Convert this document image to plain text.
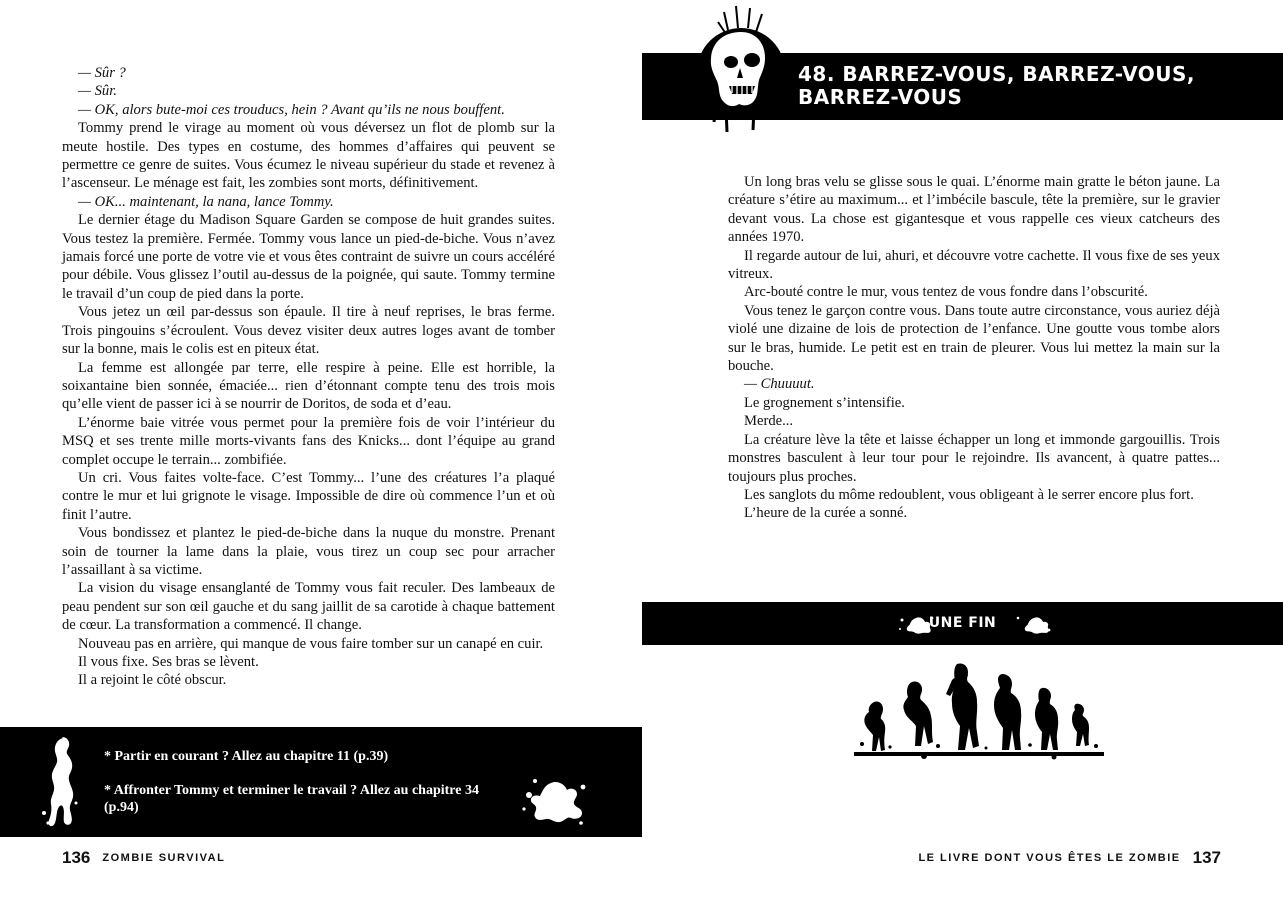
— Sûr ?

— Sûr.

— OK, alors bute-moi ces trouducs, hein ? Avant qu’ils ne nous bouffent.

Tommy prend le virage au moment où vous déversez un flot de plomb sur la meute hostile. Des types en costume, des hommes d’affaires qui peuvent se permettre ce genre de suites. Vous écumez le niveau supérieur du stade et revenez à l’ascenseur. Le ménage est fait, les zombies sont morts, définitivement.

— OK... maintenant, la nana, lance Tommy.

Le dernier étage du Madison Square Garden se compose de huit grandes suites. Vous testez la première. Fermée. Tommy vous lance un pied-de-biche. Vous n’avez jamais forcé une porte de votre vie et vous êtes contraint de suivre un cours accéléré pour débile. Vous glissez l’outil au-dessus de la poignée, qui saute. Tommy termine le travail d’un coup de pied dans la porte.

Vous jetez un œil par-dessus son épaule. Il tire à neuf reprises, le bras ferme. Trois pingouins s’écroulent. Vous devez visiter deux autres loges avant de tomber sur la bonne, mais le colis est en piteux état.

La femme est allongée par terre, elle respire à peine. Elle est horrible, la soixantaine bien sonnée, émaciée... rien d’étonnant compte tenu des trois mois qu’elle vient de passer ici à se nourrir de Doritos, de soda et d’eau.

L’énorme baie vitrée vous permet pour la première fois de voir l’intérieur du MSQ et ses trente mille morts-vivants fans des Knicks... dont l’équipe au grand complet occupe le terrain... zombifiée.

Un cri. Vous faites volte-face. C’est Tommy... l’une des créatures l’a plaqué contre le mur et lui grignote le visage. Impossible de dire où commence l’un et où finit l’autre.

Vous bondissez et plantez le pied-de-biche dans la nuque du monstre. Prenant soin de tourner la lame dans la plaie, vous tirez un coup sec pour arracher l’assaillant à sa victime.

La vision du visage ensanglanté de Tommy vous fait reculer. Des lambeaux de peau pendent sur son œil gauche et du sang jaillit de sa carotide à chaque battement de cœur. La transformation a commencé. Il change.

Nouveau pas en arrière, qui manque de vous faire tomber sur un canapé en cuir.

Il vous fixe. Ses bras se lèvent.

Il a rejoint le côté obscur.

* Partir en courant ? Allez au chapitre 11 (p.39)
* Affronter Tommy et terminer le travail ? Allez au chapitre 34 (p.94)
136 ZOMBIE SURVIVAL
48. BARREZ-VOUS, BARREZ-VOUS, BARREZ-VOUS

Un long bras velu se glisse sous le quai. L’énorme main gratte le béton jaune. La créature s’étire au maximum... et l’imbécile bascule, tête la première, sur le gravier devant vous. La chose est gigantesque et vous rappelle ces vieux catcheurs des années 1970.

Il regarde autour de lui, ahuri, et découvre votre cachette. Il vous fixe de ses yeux vitreux.

Arc-bouté contre le mur, vous tentez de vous fondre dans l’obscurité.

Vous tenez le garçon contre vous. Dans toute autre circonstance, vous auriez déjà violé une dizaine de lois de protection de l’enfance. Une goutte vous tombe alors sur le bras, humide. Le petit est en train de pleurer. Vous lui mettez la main sur la bouche.

— Chuuuut.

Le grognement s’intensifie.

Merde...

La créature lève la tête et laisse échapper un long et immonde gargouillis. Trois monstres basculent à leur tour pour le rejoindre. Ils avancent, à quatre pattes... toujours plus proches.

Les sanglots du môme redoublent, vous obligeant à le serrer encore plus fort.

L’heure de la curée a sonné.

UNE FIN
LE LIVRE DONT VOUS ÊTES LE ZOMBIE 137
